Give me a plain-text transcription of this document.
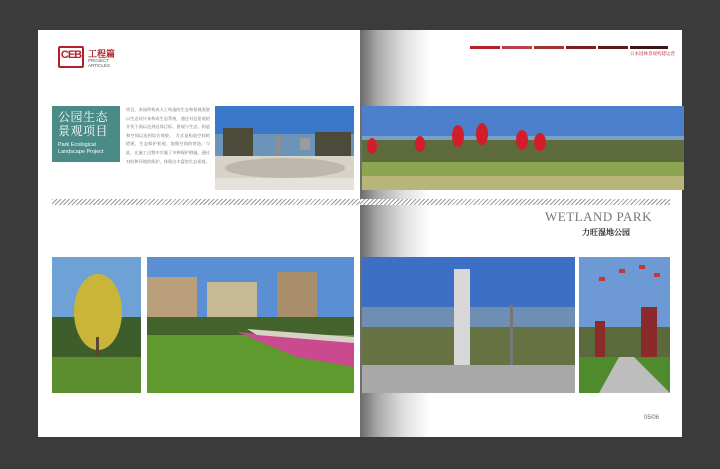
CEB 工程篇
PROJECT
ARTICLES
公园生态
景观项目
Park Ecological
Landscape Project
项目，本园所构成人工构造的生态和景观需要以生态设计来构成生态系统，通过对总景观的开发干预以达到总体目标。景观与生态、构造和空间以达到综合效果。　方式是构造空间的搭建，生态保护景观，加强空间的营造，与此，在施工过程中实施了多种保护措施，通过对的和环境的保护，体现出丰富的生态景观。
日本园林景观构建运营
WETLAND PARK
力旺湿地公园
05/06
